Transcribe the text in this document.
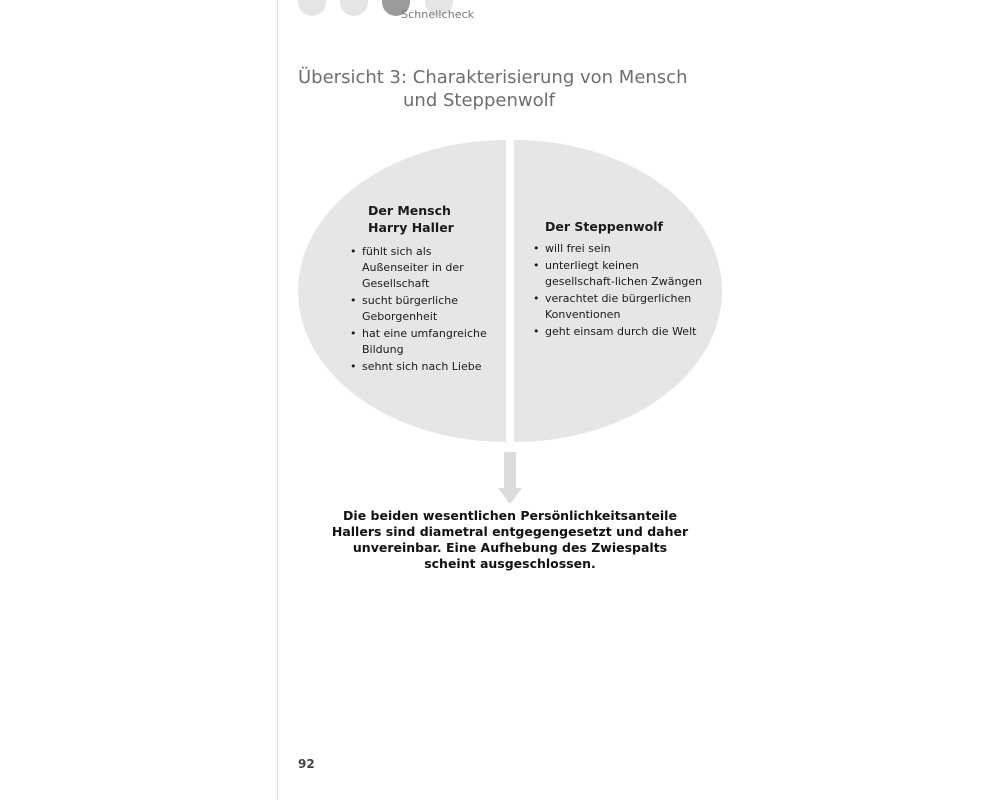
Schnellcheck
Übersicht 3: Charakterisierung von Mensch
und Steppenwolf
Der Mensch
Harry Haller
• fühlt sich als Außenseiter in der Gesellschaft
• sucht bürgerliche Geborgenheit
• hat eine umfangreiche Bildung
• sehnt sich nach Liebe
Der Steppenwolf
• will frei sein
• unterliegt keinen gesellschaft-lichen Zwängen
• verachtet die bürgerlichen Konventionen
• geht einsam durch die Welt
Die beiden wesentlichen Persönlichkeitsanteile Hallers sind diametral entgegengesetzt und daher unvereinbar. Eine Aufhebung des Zwiespalts scheint ausgeschlossen.
92
